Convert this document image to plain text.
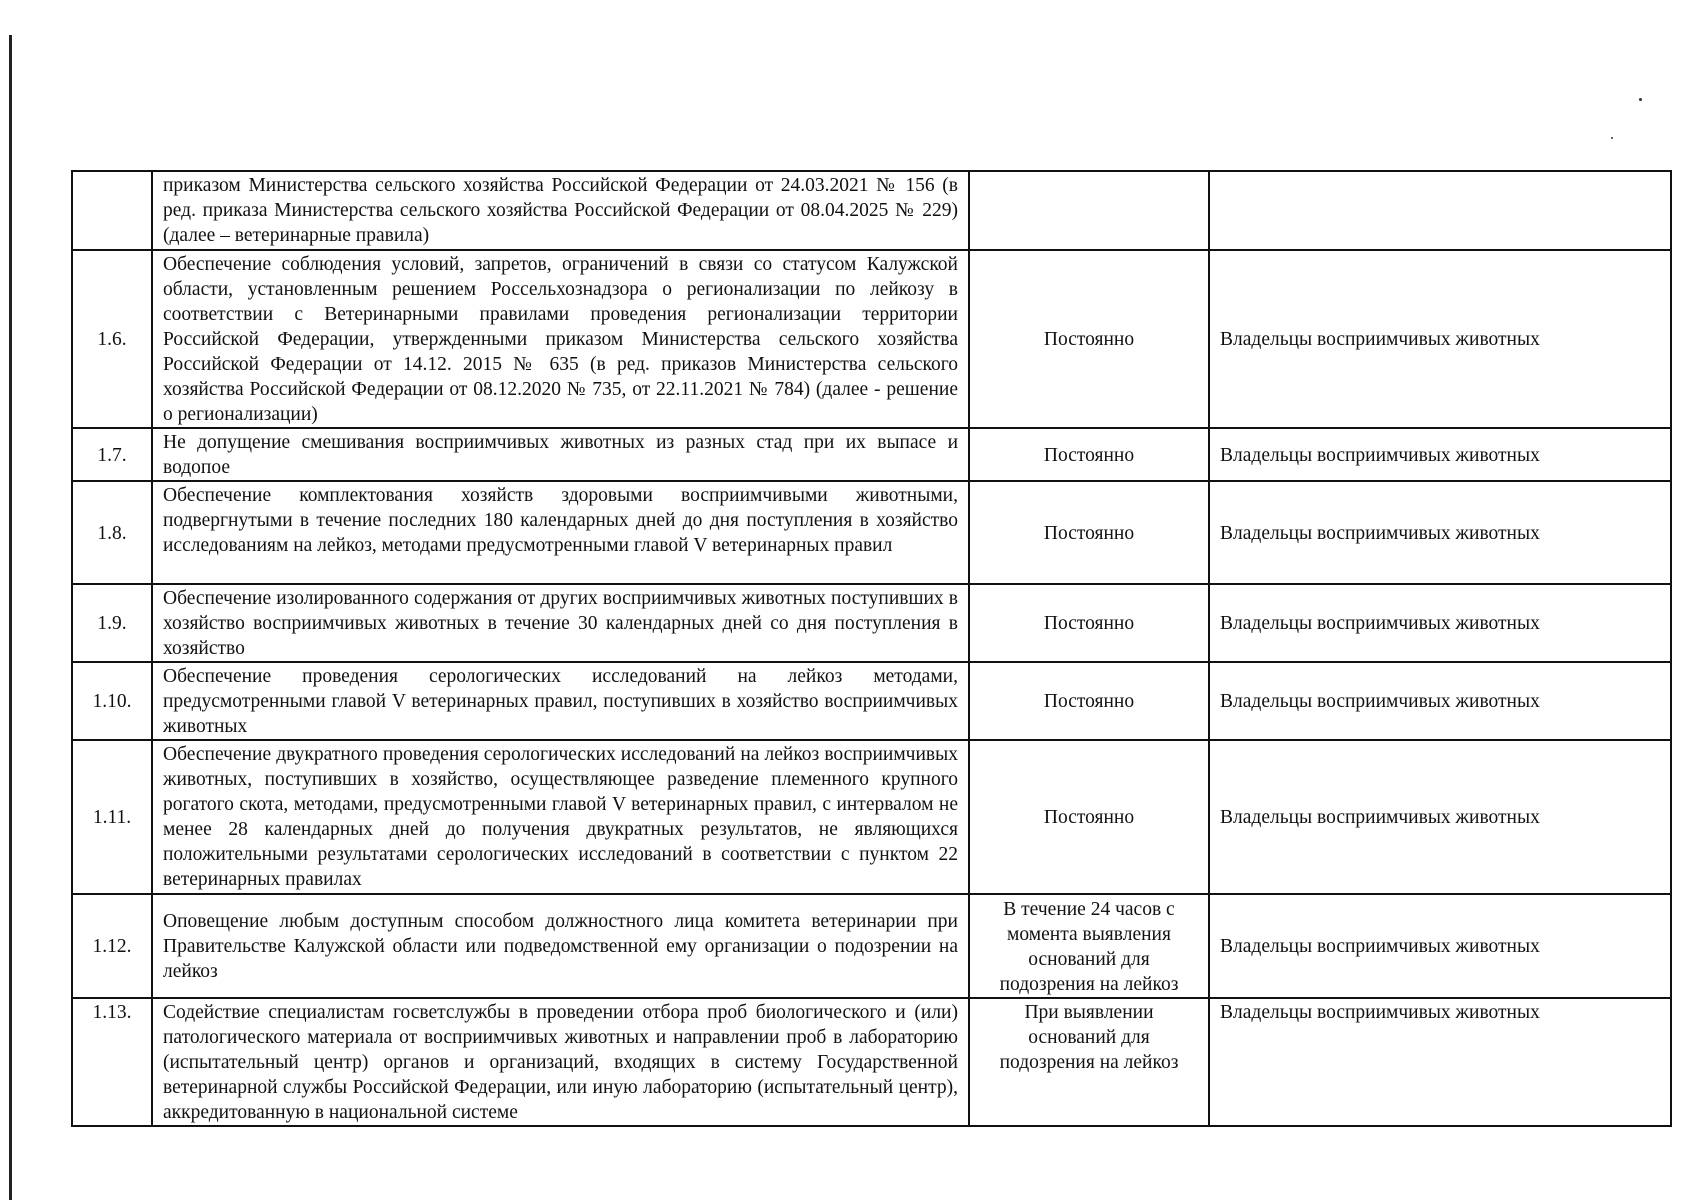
	приказом Министерства сельского хозяйства Российской Федерации от 24.03.2021 № 156 (в ред. приказа Министерства сельского хозяйства Российской Федерации от 08.04.2025 № 229) (далее – ветеринарные правила)		
1.6.	Обеспечение соблюдения условий, запретов, ограничений в связи со статусом Калужской области, установленным решением Россельхознадзора о регионализации по лейкозу в соответствии с Ветеринарными правилами проведения регионализации территории Российской Федерации, утвержденными приказом Министерства сельского хозяйства Российской Федерации от 14.12. 2015 № 635 (в ред. приказов Министерства сельского хозяйства Российской Федерации от 08.12.2020 № 735, от 22.11.2021 № 784) (далее - решение о регионализации)	Постоянно	Владельцы восприимчивых животных
1.7.	Не допущение смешивания восприимчивых животных из разных стад при их выпасе и водопое	Постоянно	Владельцы восприимчивых животных
1.8.	Обеспечение комплектования хозяйств здоровыми восприимчивыми животными, подвергнутыми в течение последних 180 календарных дней до дня поступления в хозяйство исследованиям на лейкоз, методами предусмотренными главой V ветеринарных правил	Постоянно	Владельцы восприимчивых животных
1.9.	Обеспечение изолированного содержания от других восприимчивых животных поступивших в хозяйство восприимчивых животных в течение 30 календарных дней со дня поступления в хозяйство	Постоянно	Владельцы восприимчивых животных
1.10.	Обеспечение проведения серологических исследований на лейкоз методами, предусмотренными главой V ветеринарных правил, поступивших в хозяйство восприимчивых животных	Постоянно	Владельцы восприимчивых животных
1.11.	Обеспечение двукратного проведения серологических исследований на лейкоз восприимчивых животных, поступивших в хозяйство, осуществляющее разведение племенного крупного рогатого скота, методами, предусмотренными главой V ветеринарных правил, с интервалом не менее 28 календарных дней до получения двукратных результатов, не являющихся положительными результатами серологических исследований в соответствии с пунктом 22 ветеринарных правилах	Постоянно	Владельцы восприимчивых животных
1.12.	Оповещение любым доступным способом должностного лица комитета ветеринарии при Правительстве Калужской области или подведомственной ему организации о подозрении на лейкоз	В течение 24 часов с момента выявления оснований для подозрения на лейкоз	Владельцы восприимчивых животных
1.13.	Содействие специалистам госветслужбы в проведении отбора проб биологического и (или) патологического материала от восприимчивых животных и направлении проб в лабораторию (испытательный центр) органов и организаций, входящих в систему Государственной ветеринарной службы Российской Федерации, или иную лабораторию (испытательный центр), аккредитованную в национальной системе	При выявлении оснований для подозрения на лейкоз	Владельцы восприимчивых животных
